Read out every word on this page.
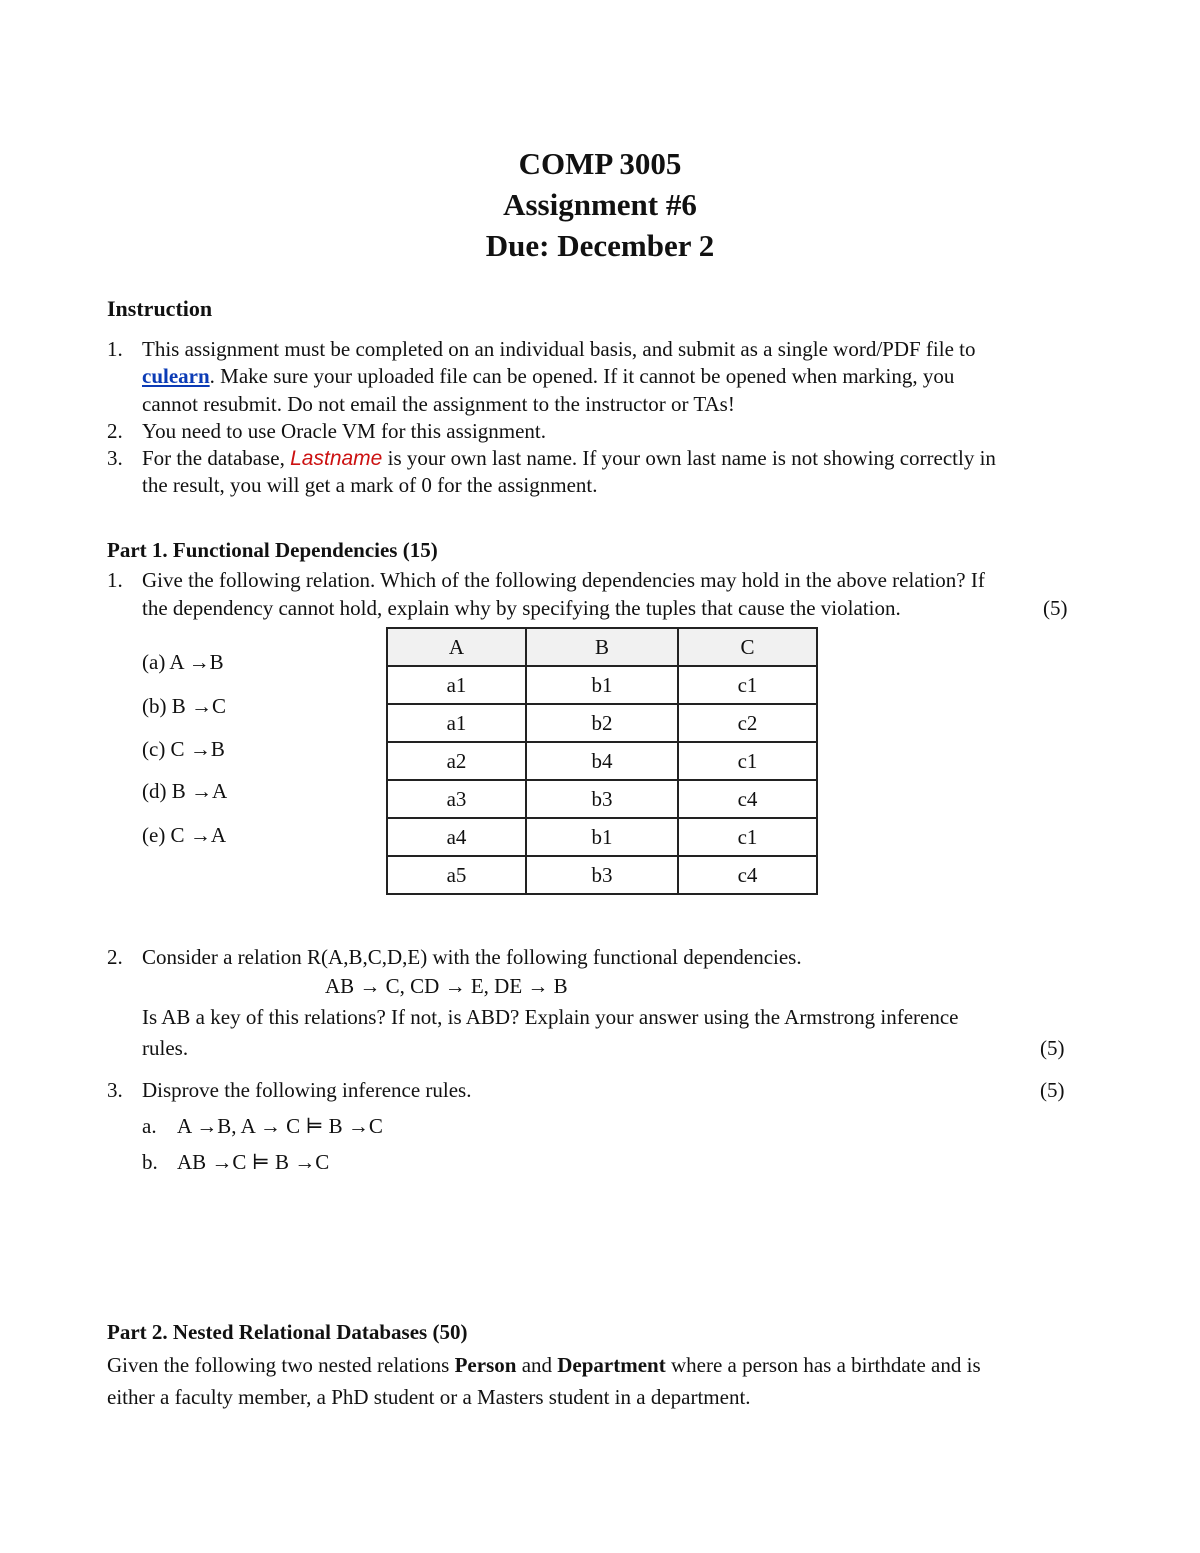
COMP 3005
Assignment #6
Due: December 2
Instruction
1. This assignment must be completed on an individual basis, and submit as a single word/PDF file to
culearn. Make sure your uploaded file can be opened. If it cannot be opened when marking, you
cannot resubmit. Do not email the assignment to the instructor or TAs!
2. You need to use Oracle VM for this assignment.
3. For the database, Lastname is your own last name. If your own last name is not showing correctly in
the result, you will get a mark of 0 for the assignment.
Part 1. Functional Dependencies (15)
1. Give the following relation. Which of the following dependencies may hold in the above relation? If
the dependency cannot hold, explain why by specifying the tuples that cause the violation.	(5)
(a) A →B
(b) B →C
(c) C →B
(d) B →A
(e) C →A
A	B	C
a1	b1	c1
a1	b2	c2
a2	b4	c1
a3	b3	c4
a4	b1	c1
a5	b3	c4
2. Consider a relation R(A,B,C,D,E) with the following functional dependencies.
AB → C, CD → E, DE → B
Is AB a key of this relations? If not, is ABD? Explain your answer using the Armstrong inference
rules.	(5)
3. Disprove the following inference rules.	(5)
a. A →B, A → C ⊨ B →C
b. AB →C ⊨ B →C
Part 2. Nested Relational Databases (50)
Given the following two nested relations Person and Department where a person has a birthdate and is
either a faculty member, a PhD student or a Masters student in a department.
